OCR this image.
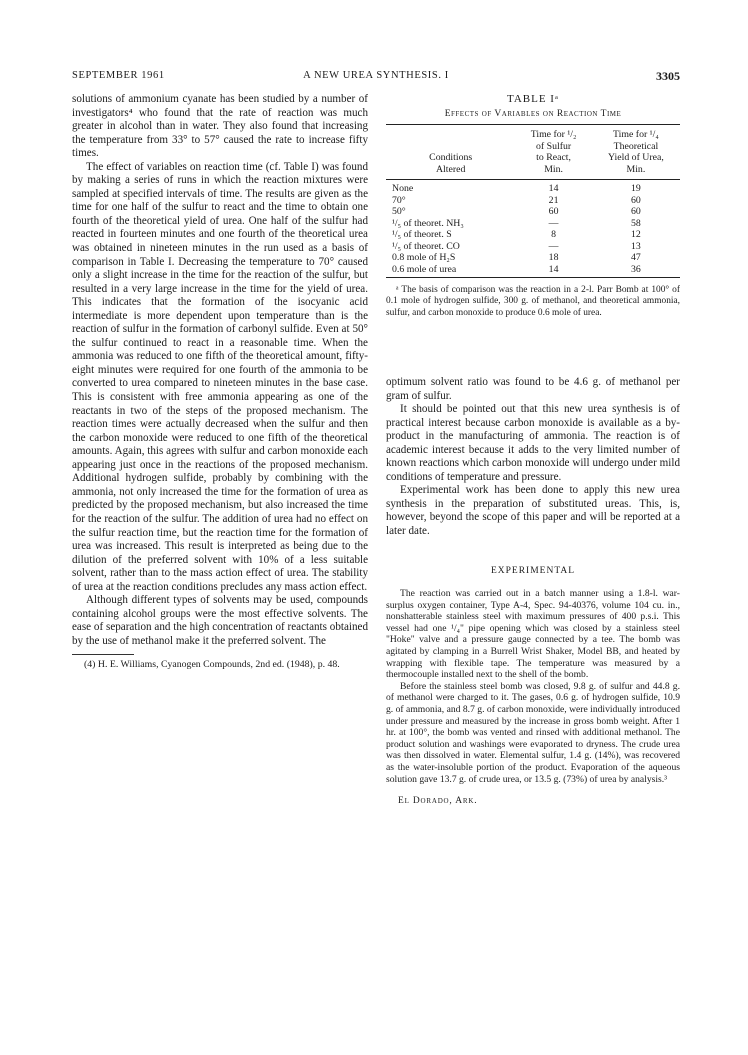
SEPTEMBER 1961	A NEW UREA SYNTHESIS. I	3305

solutions of ammonium cyanate has been studied by a number of investigators⁴ who found that the rate of reaction was much greater in alcohol than in water. They also found that increasing the temperature from 33° to 57° caused the rate to increase fifty times.

The effect of variables on reaction time (cf. Table I) was found by making a series of runs in which the reaction mixtures were sampled at specified intervals of time. The results are given as the time for one half of the sulfur to react and the time to obtain one fourth of the theoretical yield of urea. One half of the sulfur had reacted in fourteen minutes and one fourth of the theoretical urea was obtained in nineteen minutes in the run used as a basis of comparison in Table I. Decreasing the temperature to 70° caused only a slight increase in the time for the reaction of the sulfur, but resulted in a very large increase in the time for the yield of urea. This indicates that the formation of the isocyanic acid intermediate is more dependent upon temperature than is the reaction of sulfur in the formation of carbonyl sulfide. Even at 50° the sulfur continued to react in a reasonable time. When the ammonia was reduced to one fifth of the theoretical amount, fifty-eight minutes were required for one fourth of the ammonia to be converted to urea compared to nineteen minutes in the base case. This is consistent with free ammonia appearing as one of the reactants in two of the steps of the proposed mechanism. The reaction times were actually decreased when the sulfur and then the carbon monoxide were reduced to one fifth of the theoretical amounts. Again, this agrees with sulfur and carbon monoxide each appearing just once in the reactions of the proposed mechanism. Additional hydrogen sulfide, probably by combining with the ammonia, not only increased the time for the formation of urea as predicted by the proposed mechanism, but also increased the time for the reaction of the sulfur. The addition of urea had no effect on the sulfur reaction time, but the reaction time for the formation of urea was increased. This result is interpreted as being due to the dilution of the preferred solvent with 10% of a less suitable solvent, rather than to the mass action effect of urea. The stability of urea at the reaction conditions precludes any mass action effect.

Although different types of solvents may be used, compounds containing alcohol groups were the most effective solvents. The ease of separation and the high concentration of reactants obtained by the use of methanol make it the preferred solvent. The

(4) H. E. Williams, Cyanogen Compounds, 2nd ed. (1948), p. 48.

TABLE Iᵃ
Effects of Variables on Reaction Time
Conditions
Altered	Time for ¹/₂
of Sulfur
to React,
Min.	Time for ¹/₄
Theoretical
Yield of Urea,
Min.

None	14	19
70°	21	60
50°	60	60
¹/₅ of theoret. NH₃	—	58
¹/₅ of theoret. S	8	12
¹/₅ of theoret. CO	—	13
0.8 mole of H₂S	18	47
0.6 mole of urea	14	36

ᵃ The basis of comparison was the reaction in a 2-l. Parr Bomb at 100° of 0.1 mole of hydrogen sulfide, 300 g. of methanol, and theoretical ammonia, sulfur, and carbon monoxide to produce 0.6 mole of urea.

optimum solvent ratio was found to be 4.6 g. of methanol per gram of sulfur.

It should be pointed out that this new urea synthesis is of practical interest because carbon monoxide is available as a by-product in the manufacturing of ammonia. The reaction is of academic interest because it adds to the very limited number of known reactions which carbon monoxide will undergo under mild conditions of temperature and pressure.

Experimental work has been done to apply this new urea synthesis in the preparation of substituted ureas. This, is, however, beyond the scope of this paper and will be reported at a later date.

EXPERIMENTAL

The reaction was carried out in a batch manner using a 1.8-l. war-surplus oxygen container, Type A-4, Spec. 94-40376, volume 104 cu. in., nonshatterable stainless steel with maximum pressures of 400 p.s.i. This vessel had one ¹/₄" pipe opening which was closed by a stainless steel "Hoke" valve and a pressure gauge connected by a tee. The bomb was agitated by clamping in a Burrell Wrist Shaker, Model BB, and heated by wrapping with flexible tape. The temperature was measured by a thermocouple installed next to the shell of the bomb.

Before the stainless steel bomb was closed, 9.8 g. of sulfur and 44.8 g. of methanol were charged to it. The gases, 0.6 g. of hydrogen sulfide, 10.9 g. of ammonia, and 8.7 g. of carbon monoxide, were individually introduced under pressure and measured by the increase in gross bomb weight. After 1 hr. at 100°, the bomb was vented and rinsed with additional methanol. The product solution and washings were evaporated to dryness. The crude urea was then dissolved in water. Elemental sulfur, 1.4 g. (14%), was recovered as the water-insoluble portion of the product. Evaporation of the aqueous solution gave 13.7 g. of crude urea, or 13.5 g. (73%) of urea by analysis.³

El Dorado, Ark.
